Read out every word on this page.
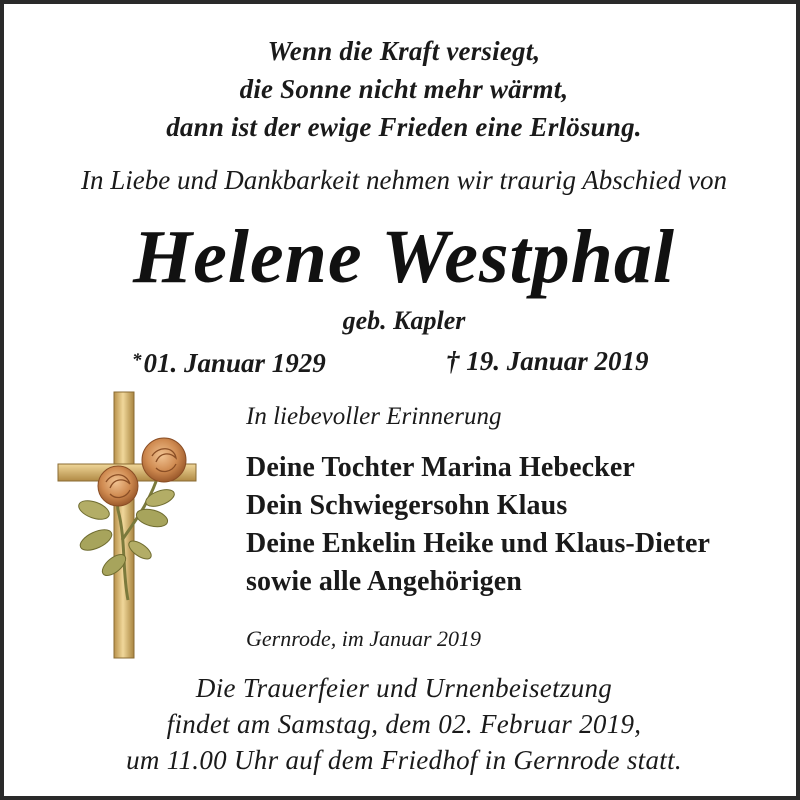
Wenn die Kraft versiegt,
die Sonne nicht mehr wärmt,
dann ist der ewige Frieden eine Erlösung.
In Liebe und Dankbarkeit nehmen wir traurig Abschied von
Helene Westphal
geb. Kapler
*01. Januar 1929	† 19. Januar 2019
In liebevoller Erinnerung
Deine Tochter Marina Hebecker
Dein Schwiegersohn Klaus
Deine Enkelin Heike und Klaus-Dieter
sowie alle Angehörigen
Gernrode, im Januar 2019
Die Trauerfeier und Urnenbeisetzung
findet am Samstag, dem 02. Februar 2019,
um 11.00 Uhr auf dem Friedhof in Gernrode statt.
